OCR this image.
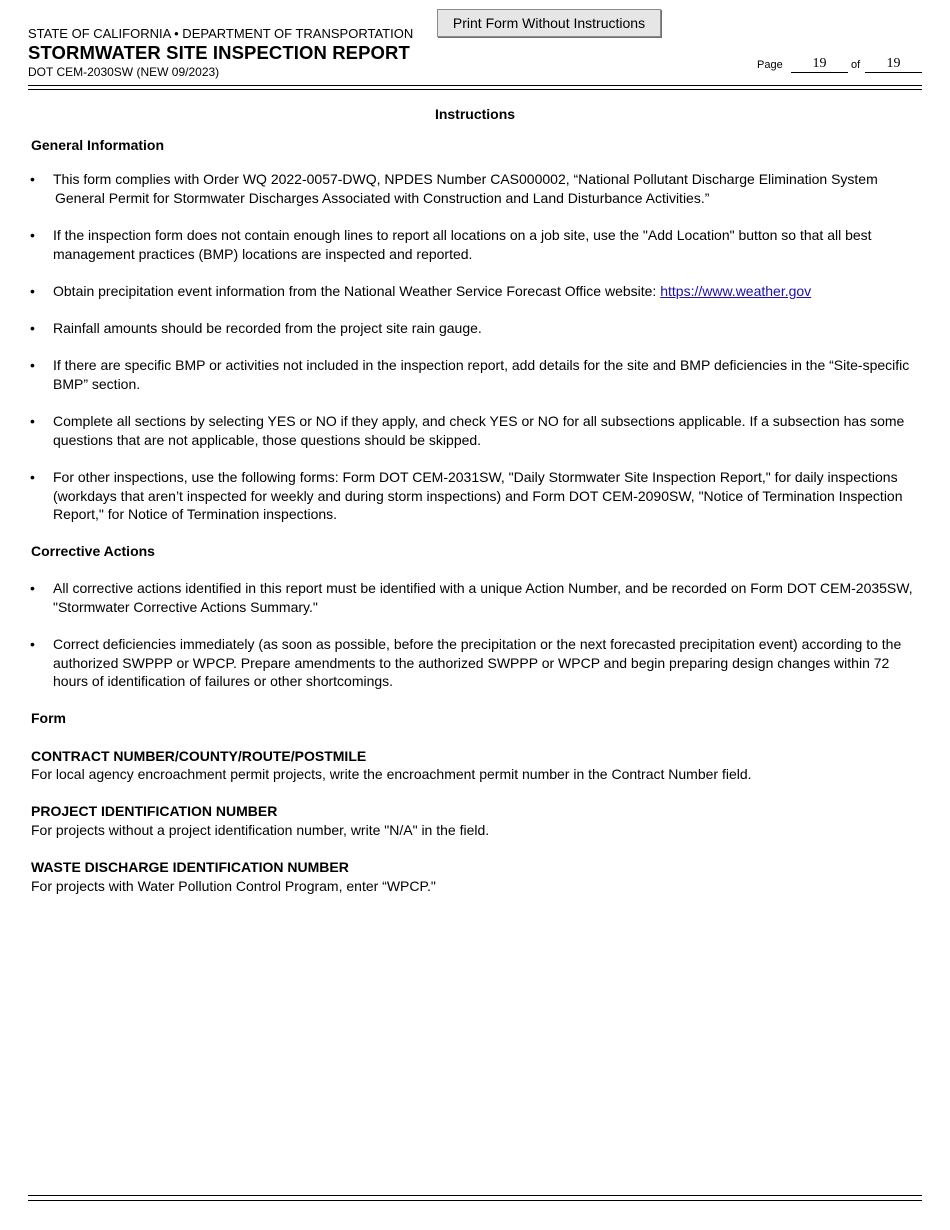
STATE OF CALIFORNIA • DEPARTMENT OF TRANSPORTATION
STORMWATER SITE INSPECTION REPORT
DOT CEM-2030SW (NEW 09/2023)
Print Form Without Instructions
Page	19	of	19
Instructions
General Information
• This form complies with Order WQ 2022-0057-DWQ, NPDES Number CAS000002, “National Pollutant Discharge Elimination System
General Permit for Stormwater Discharges Associated with Construction and Land Disturbance Activities.”
• If the inspection form does not contain enough lines to report all locations on a job site, use the "Add Location" button so that all best management practices (BMP) locations are inspected and reported.
• Obtain precipitation event information from the National Weather Service Forecast Office website: https://www.weather.gov
• Rainfall amounts should be recorded from the project site rain gauge.
• If there are specific BMP or activities not included in the inspection report, add details for the site and BMP deficiencies in the “Site-specific BMP” section.
• Complete all sections by selecting YES or NO if they apply, and check YES or NO for all subsections applicable. If a subsection has some questions that are not applicable, those questions should be skipped.
• For other inspections, use the following forms: Form DOT CEM-2031SW, "Daily Stormwater Site Inspection Report," for daily inspections (workdays that aren’t inspected for weekly and during storm inspections) and Form DOT CEM-2090SW, "Notice of Termination Inspection Report," for Notice of Termination inspections.
Corrective Actions
• All corrective actions identified in this report must be identified with a unique Action Number, and be recorded on Form DOT CEM-2035SW, "Stormwater Corrective Actions Summary."
• Correct deficiencies immediately (as soon as possible, before the precipitation or the next forecasted precipitation event) according to the authorized SWPPP or WPCP. Prepare amendments to the authorized SWPPP or WPCP and begin preparing design changes within 72 hours of identification of failures or other shortcomings.
Form
CONTRACT NUMBER/COUNTY/ROUTE/POSTMILE
For local agency encroachment permit projects, write the encroachment permit number in the Contract Number field.
PROJECT IDENTIFICATION NUMBER
For projects without a project identification number, write "N/A" in the field.
WASTE DISCHARGE IDENTIFICATION NUMBER
For projects with Water Pollution Control Program, enter “WPCP."
